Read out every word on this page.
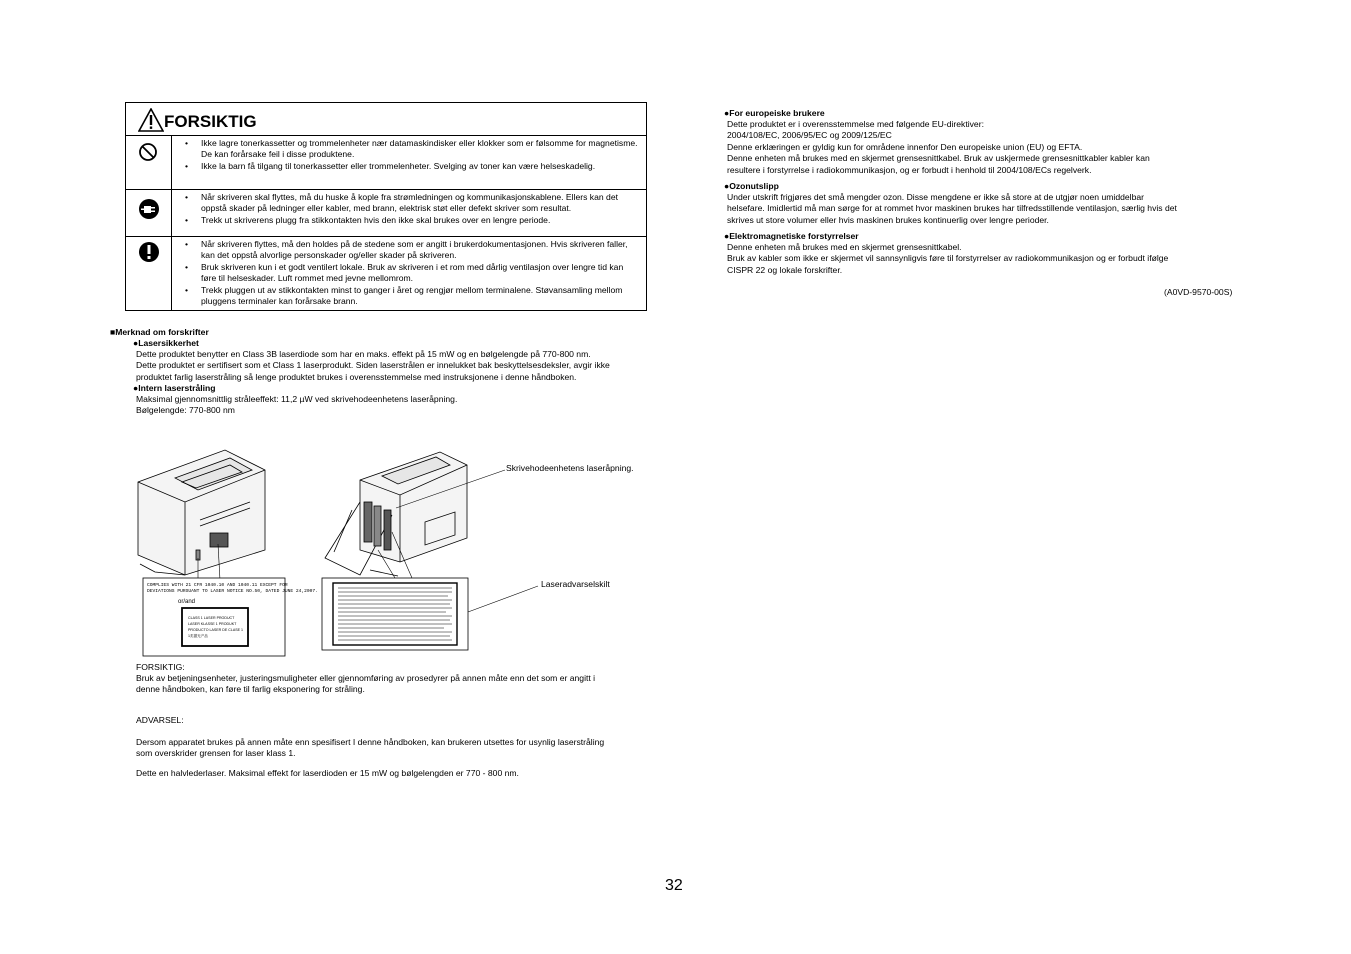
FORSIKTIG
• Ikke lagre tonerkassetter og trommelenheter nær datamaskindisker eller klokker som er følsomme for magnetisme. De kan forårsake feil i disse produktene.
• Ikke la barn få tilgang til tonerkassetter eller trommelenheter. Svelging av toner kan være helseskadelig.
• Når skriveren skal flyttes, må du huske å kople fra strømledningen og kommunikasjonskablene. Ellers kan det oppstå skader på ledninger eller kabler, med brann, elektrisk støt eller defekt skriver som resultat.
• Trekk ut skriverens plugg fra stikkontakten hvis den ikke skal brukes over en lengre periode.
• Når skriveren flyttes, må den holdes på de stedene som er angitt i brukerdokumentasjonen. Hvis skriveren faller, kan det oppstå alvorlige personskader og/eller skader på skriveren.
• Bruk skriveren kun i et godt ventilert lokale. Bruk av skriveren i et rom med dårlig ventilasjon over lengre tid kan føre til helseskader. Luft rommet med jevne mellomrom.
• Trekk pluggen ut av stikkontakten minst to ganger i året og rengjør mellom terminalene. Støvansamling mellom pluggens terminaler kan forårsake brann.
■Merknad om forskrifter
●Lasersikkerhet

Dette produktet benytter en Class 3B laserdiode som har en maks. effekt på 15 mW og en bølgelengde på 770-800 nm.

Dette produktet er sertifisert som et Class 1 laserprodukt. Siden laserstrålen er innelukket bak beskyttelsesdeksler, avgir ikke

produktet farlig laserstråling så lenge produktet brukes i overensstemmelse med instruksjonene i denne håndboken.

●Intern laserstråling

Maksimal gjennomsnittlig stråleeffekt: 11,2 µW ved skrivehodeenhetens laseråpning.

Bølgelengde: 770-800 nm

COMPLIES WITH 21 CFR 1040.10 AND 1040.11 EXCEPT FOR
DEVIATIONS PURSUANT TO LASER NOTICE NO.50, DATED JUNE 24,2007.
or/and
CLASS 1 LASER PRODUCT
LASER KLASSE 1 PRODUKT
PRODUCTO LASER DE CLASE 1
1类激光产品
Skrivehodeenhetens laseråpning.
Laseradvarselskilt
FORSIKTIG:

Bruk av betjeningsenheter, justeringsmuligheter eller gjennomføring av prosedyrer på annen måte enn det som er angitt i

denne håndboken, kan føre til farlig eksponering for stråling.

ADVARSEL:

Dersom apparatet brukes på annen måte enn spesifisert I denne håndboken, kan brukeren utsettes for usynlig laserstråling

som overskrider grensen for laser klass 1.

Dette en halvlederlaser. Maksimal effekt for laserdioden er 15 mW og bølgelengden er 770 - 800 nm.
●For europeiske brukere

Dette produktet er i overensstemmelse med følgende EU-direktiver:

2004/108/EC, 2006/95/EC og 2009/125/EC

Denne erklæringen er gyldig kun for områdene innenfor Den europeiske union (EU) og EFTA.

Denne enheten må brukes med en skjermet grensesnittkabel. Bruk av uskjermede grensesnittkabler kabler kan

resultere i forstyrrelse i radiokommunikasjon, og er forbudt i henhold til 2004/108/ECs regelverk.

●Ozonutslipp

Under utskrift frigjøres det små mengder ozon. Disse mengdene er ikke så store at de utgjør noen umiddelbar

helsefare. Imidlertid må man sørge for at rommet hvor maskinen brukes har tilfredsstillende ventilasjon, særlig hvis det

skrives ut store volumer eller hvis maskinen brukes kontinuerlig over lengre perioder.

●Elektromagnetiske forstyrrelser

Denne enheten må brukes med en skjermet grensesnittkabel.

Bruk av kabler som ikke er skjermet vil sannsynligvis føre til forstyrrelser av radiokommunikasjon og er forbudt ifølge

CISPR 22 og lokale forskrifter.

(A0VD-9570-00S)
32
